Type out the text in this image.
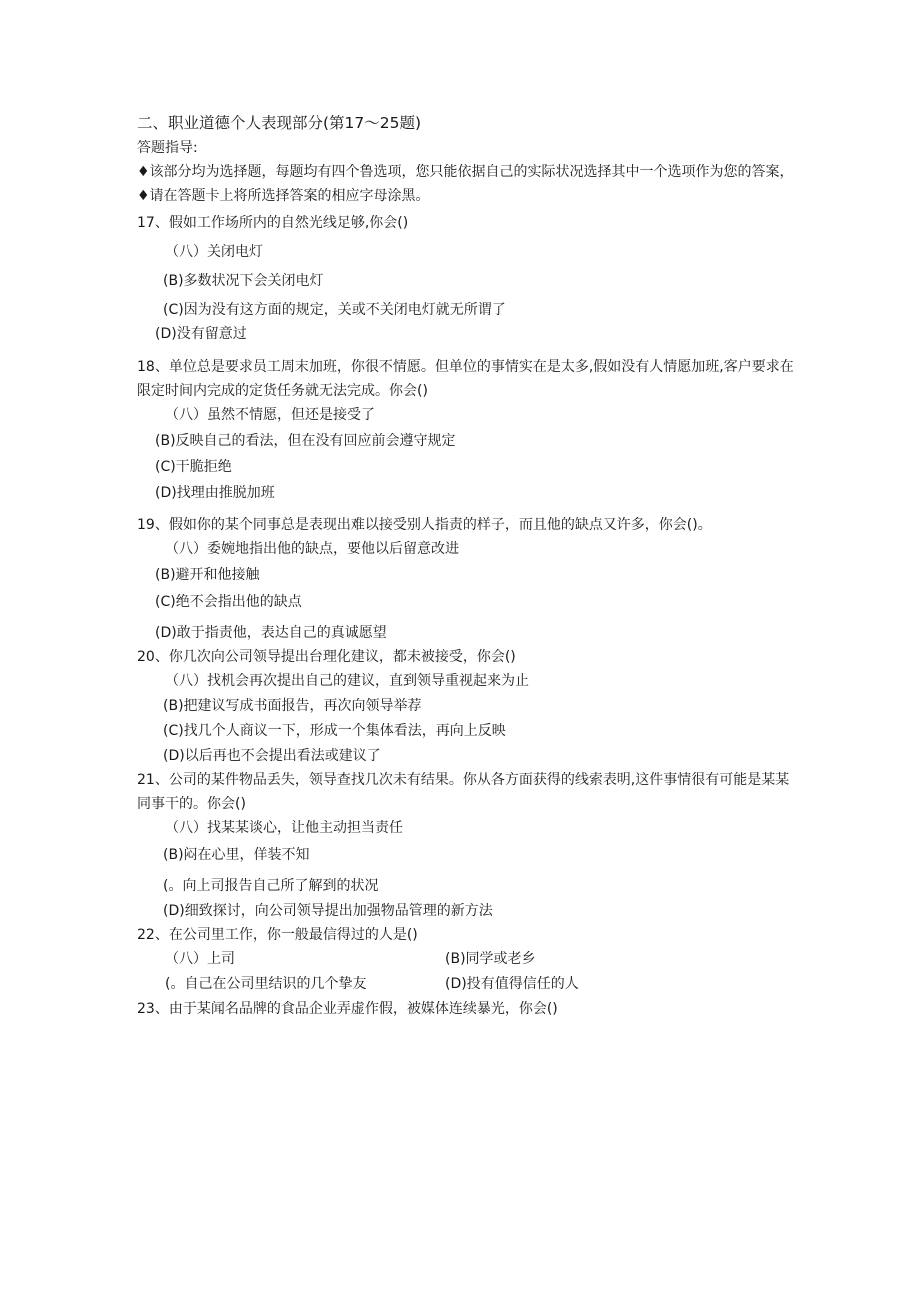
二、职业道德个人表现部分(第17〜25题)

答题指导:

♦该部分均为选择题，每题均有四个鲁选项，您只能依据自己的实际状况选择其中一个选项作为您的答案，

♦请在答题卡上将所选择答案的相应字母涂黑。

17、假如工作场所内的自然光线足够,你会()

（八）关闭电灯

(B)多数状况下会关闭电灯

(C)因为没有这方面的规定，关或不关闭电灯就无所谓了

(D)没有留意过

18、单位总是要求员工周末加班，你很不情愿。但单位的事情实在是太多,假如没有人情愿加班,客户要求在限定时间内完成的定货任务就无法完成。你会()

（八）虽然不情愿，但还是接受了

(B)反映自己的看法，但在没有回应前会遵守规定

(C)干脆拒绝

(D)找理由推脱加班

19、假如你的某个同事总是表现出难以接受别人指责的样子，而且他的缺点又许多，你会()。

（八）委婉地指出他的缺点，要他以后留意改进

(B)避开和他接触

(C)绝不会指出他的缺点

(D)敢于指责他，表达自己的真诚愿望

20、你几次向公司领导提出台理化建议，都未被接受，你会()

（八）找机会再次提出自己的建议，直到领导重视起来为止

(B)把建议写成书面报告，再次向领导举荐

(C)找几个人商议一下，形成一个集体看法，再向上反映

(D)以后再也不会提出看法或建议了

21、公司的某件物品丢失，领导查找几次未有结果。你从各方面获得的线索表明,这件事情很有可能是某某同事干的。你会()

（八）找某某谈心，让他主动担当责任

(B)闷在心里，佯装不知

(。向上司报告自己所了解到的状况

(D)细致探讨，向公司领导提出加强物品管理的新方法

22、在公司里工作，你一般最信得过的人是()

（八）上司	(B)同学或老乡
(。自己在公司里结识的几个挚友	(D)投有值得信任的人

23、由于某闻名品牌的食品企业弄虚作假，被媒体连续暴光，你会()
